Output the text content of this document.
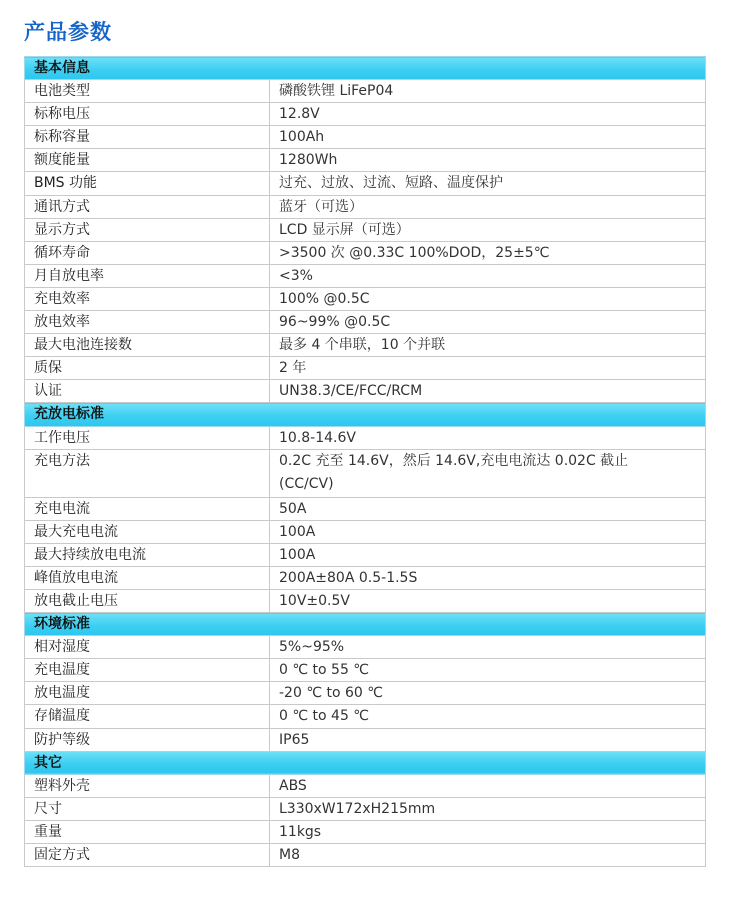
产品参数
基本信息	
电池类型	磷酸铁锂 LiFeP04
标称电压	12.8V
标称容量	100Ah
额度能量	1280Wh
BMS 功能	过充、过放、过流、短路、温度保护
通讯方式	蓝牙（可选）
显示方式	LCD 显示屏（可选）
循环寿命	>3500 次 @0.33C 100%DOD，25±5℃
月自放电率	<3%
充电效率	100% @0.5C
放电效率	96~99% @0.5C
最大电池连接数	最多 4 个串联，10 个并联
质保	2 年
认证	UN38.3/CE/FCC/RCM
充放电标准	
工作电压	10.8-14.6V
充电方法	0.2C 充至 14.6V，然后 14.6V,充电电流达 0.02C 截止 (CC/CV)
充电电流	50A
最大充电电流	100A
最大持续放电电流	100A
峰值放电电流	200A±80A 0.5-1.5S
放电截止电压	10V±0.5V
环境标准	
相对湿度	5%~95%
充电温度	0 ℃ to 55 ℃
放电温度	-20 ℃ to 60 ℃
存储温度	0 ℃ to 45 ℃
防护等级	IP65
其它	
塑料外壳	ABS
尺寸	L330xW172xH215mm
重量	11kgs
固定方式	M8
